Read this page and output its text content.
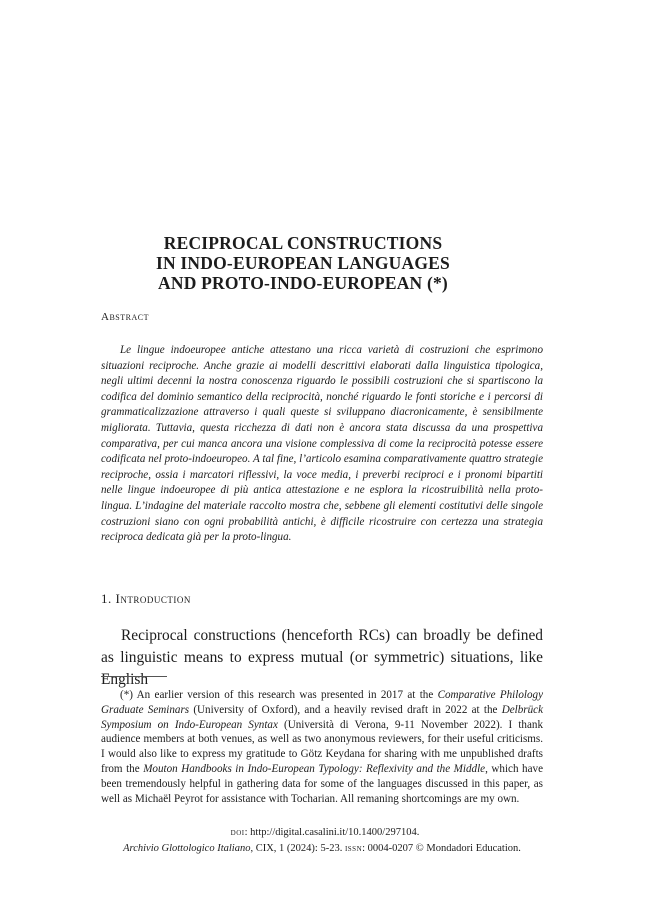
RECIPROCAL CONSTRUCTIONS
IN INDO-EUROPEAN LANGUAGES
AND PROTO-INDO-EUROPEAN (*)
Abstract
Le lingue indoeuropee antiche attestano una ricca varietà di costruzioni che esprimono situazioni reciproche. Anche grazie ai modelli descrittivi elaborati dalla linguistica tipologica, negli ultimi decenni la nostra conoscenza riguardo le possibili costruzioni che si spartiscono la codifica del dominio semantico della reciprocità, nonché riguardo le fonti storiche e i percorsi di grammaticalizzazione attraverso i quali queste si sviluppano diacronicamente, è sensibilmente migliorata. Tuttavia, questa ricchezza di dati non è ancora stata discussa da una prospettiva comparativa, per cui manca ancora una visione complessiva di come la reciprocità potesse essere codificata nel proto-indoeuropeo. A tal fine, l’articolo esamina comparativamente quattro strategie reciproche, ossia i marcatori riflessivi, la voce media, i preverbi reciproci e i pronomi bipartiti nelle lingue indoeuropee di più antica attestazione e ne esplora la ricostruibilità nella proto-lingua. L’indagine del materiale raccolto mostra che, sebbene gli elementi costitutivi delle singole costruzioni siano con ogni probabilità antichi, è difficile ricostruire con certezza una strategia reciproca dedicata già per la proto-lingua.
1. Introduction
Reciprocal constructions (henceforth RCs) can broadly be defined as linguistic means to express mutual (or symmetric) situations, like English
(*) An earlier version of this research was presented in 2017 at the Comparative Philology Graduate Seminars (University of Oxford), and a heavily revised draft in 2022 at the Delbrück Symposium on Indo-European Syntax (Università di Verona, 9-11 November 2022). I thank audience members at both venues, as well as two anonymous reviewers, for their useful criticisms. I would also like to express my gratitude to Götz Keydana for sharing with me unpublished drafts from the Mouton Handbooks in Indo-European Typology: Reflexivity and the Middle, which have been tremendously helpful in gathering data for some of the languages discussed in this paper, as well as Michaël Peyrot for assistance with Tocharian. All remaning shortcomings are my own.
doi: http://digital.casalini.it/10.1400/297104.
Archivio Glottologico Italiano, CIX, 1 (2024): 5-23. issn: 0004-0207 © Mondadori Education.
